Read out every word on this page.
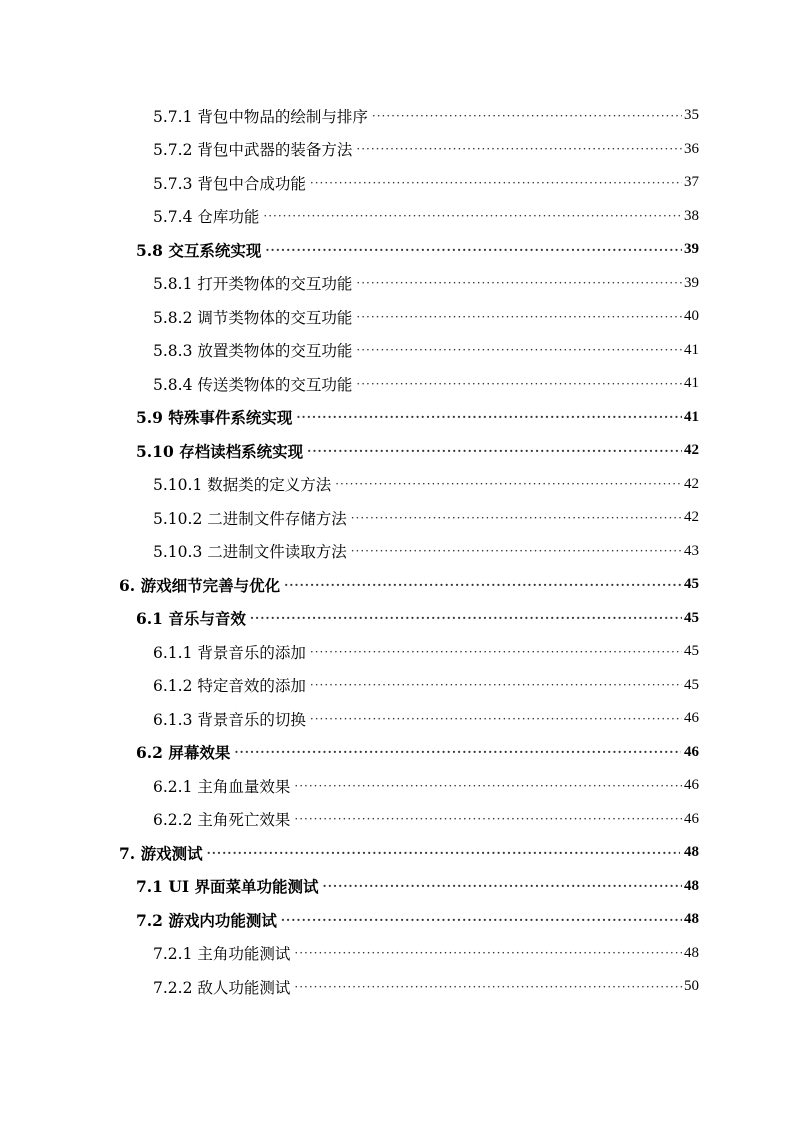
5.7.1 背包中物品的绘制与排序 ·····	35
5.7.2 背包中武器的装备方法 ·····	36
5.7.3 背包中合成功能 ·····	37
5.7.4 仓库功能 ·····	38
5.8 交互系统实现 ·····	39
5.8.1 打开类物体的交互功能 ·····	39
5.8.2 调节类物体的交互功能 ·····	40
5.8.3 放置类物体的交互功能 ·····	41
5.8.4 传送类物体的交互功能 ·····	41
5.9 特殊事件系统实现 ·····	41
5.10 存档读档系统实现 ·····	42
5.10.1 数据类的定义方法 ·····	42
5.10.2 二进制文件存储方法 ·····	42
5.10.3 二进制文件读取方法 ·····	43
6. 游戏细节完善与优化 ·····	45
6.1 音乐与音效 ·····	45
6.1.1 背景音乐的添加 ·····	45
6.1.2 特定音效的添加 ·····	45
6.1.3 背景音乐的切换 ·····	46
6.2 屏幕效果 ·····	46
6.2.1 主角血量效果 ·····	46
6.2.2 主角死亡效果 ·····	46
7. 游戏测试 ·····	48
7.1 UI 界面菜单功能测试 ·····	48
7.2 游戏内功能测试 ·····	48
7.2.1 主角功能测试 ·····	48
7.2.2 敌人功能测试 ·····	50
